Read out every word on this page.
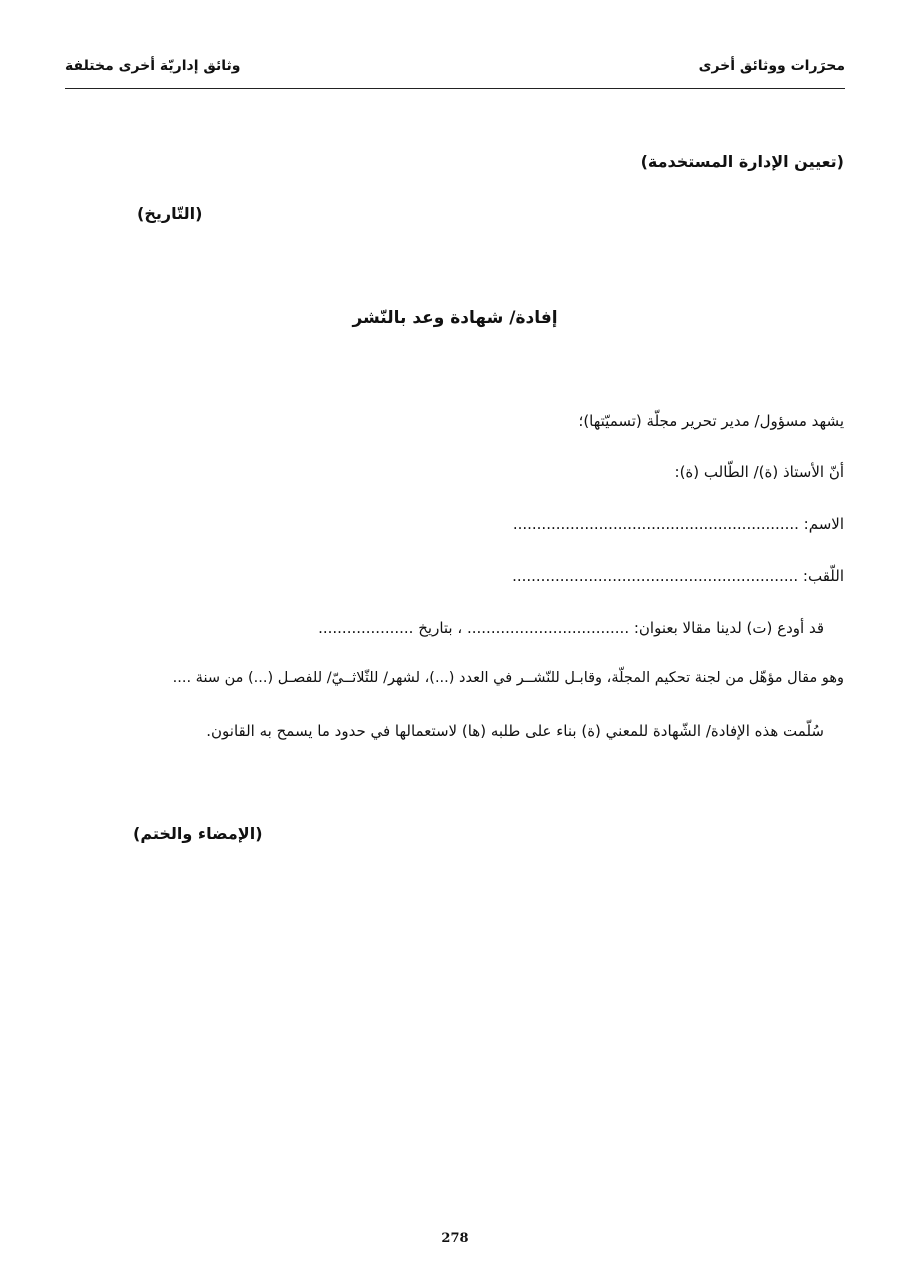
محرَرات ووثائق أخرى
وثائق إداريّة أخرى مختلفة
(تعيين الإدارة المستخدمة)
(التّاريخ)
إفادة/ شهادة وعد بالنّشر
يشهد مسؤول/ مدير تحرير مجلّة (تسميّتها)؛
أنّ الأستاذ (ة)/ الطّالب (ة):
الاسم: ............................................................
اللّقب: ............................................................
قد أودع (ت) لدينا مقالا بعنوان: .................................. ، بتاريخ ....................
وهو مقال مؤهّل من لجنة تحكيم المجلّة، وقابـل للنّشــر في العدد (...)، لشهر/ للثّلاثــيّ/ للفصـل (...) من سنة ....
سُلّمت هذه الإفادة/ الشّهادة للمعني (ة) بناء على طلبه (ها) لاستعمالها في حدود ما يسمح به القانون.
(الإمضاء والختم)
278
